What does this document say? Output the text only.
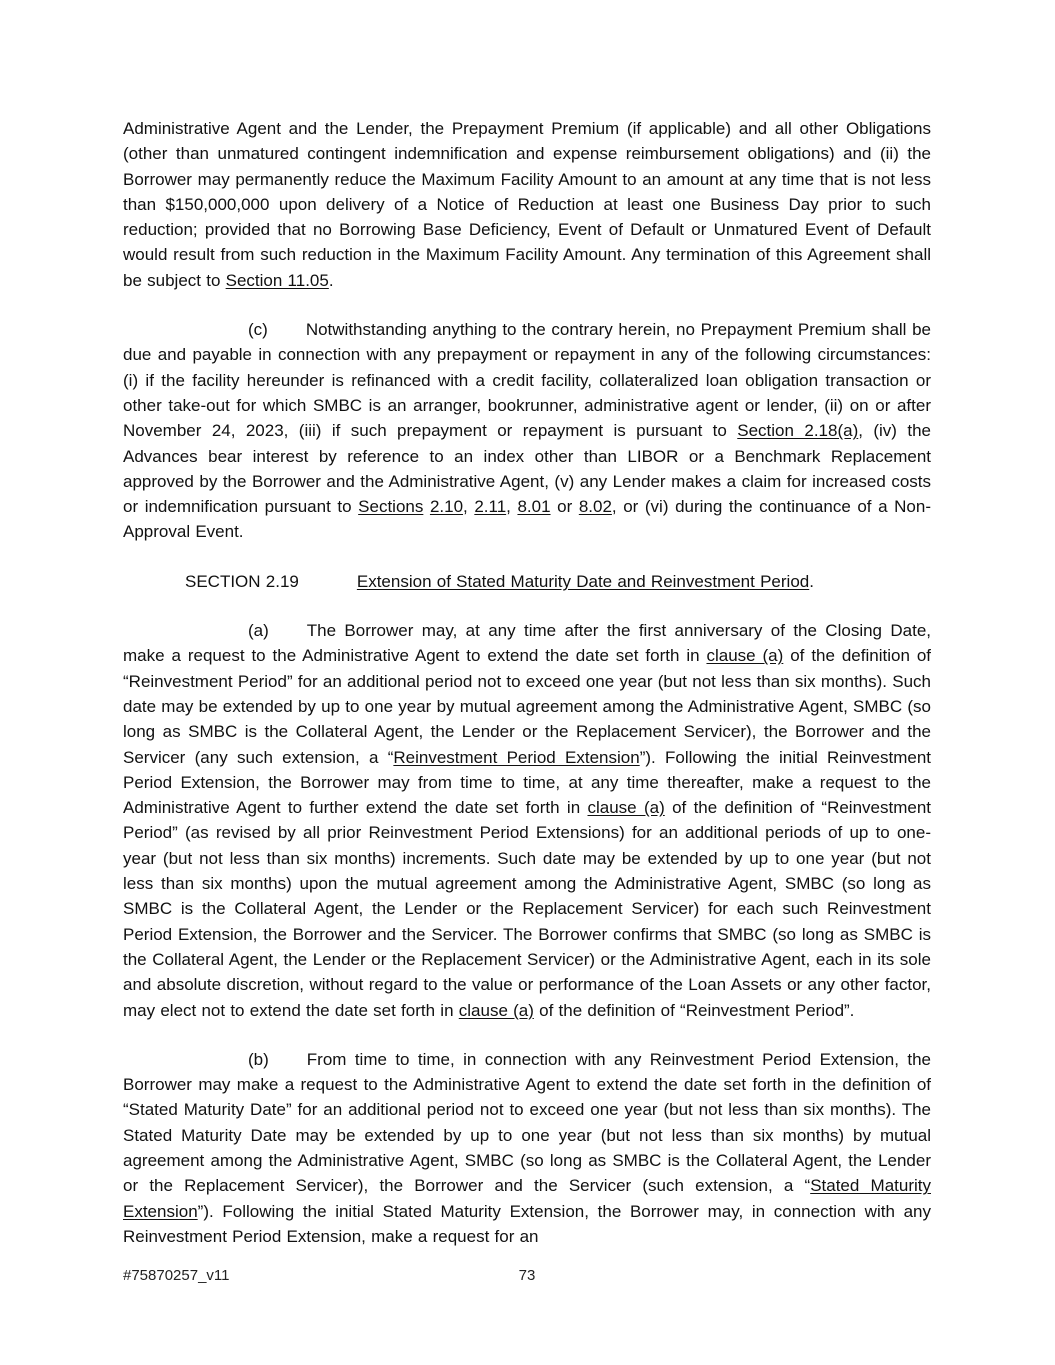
Administrative Agent and the Lender, the Prepayment Premium (if applicable) and all other Obligations (other than unmatured contingent indemnification and expense reimbursement obligations) and (ii) the Borrower may permanently reduce the Maximum Facility Amount to an amount at any time that is not less than $150,000,000 upon delivery of a Notice of Reduction at least one Business Day prior to such reduction; provided that no Borrowing Base Deficiency, Event of Default or Unmatured Event of Default would result from such reduction in the Maximum Facility Amount. Any termination of this Agreement shall be subject to Section 11.05.

(c) Notwithstanding anything to the contrary herein, no Prepayment Premium shall be due and payable in connection with any prepayment or repayment in any of the following circumstances: (i) if the facility hereunder is refinanced with a credit facility, collateralized loan obligation transaction or other take-out for which SMBC is an arranger, bookrunner, administrative agent or lender, (ii) on or after November 24, 2023, (iii) if such prepayment or repayment is pursuant to Section 2.18(a), (iv) the Advances bear interest by reference to an index other than LIBOR or a Benchmark Replacement approved by the Borrower and the Administrative Agent, (v) any Lender makes a claim for increased costs or indemnification pursuant to Sections 2.10, 2.11, 8.01 or 8.02, or (vi) during the continuance of a Non-Approval Event.

SECTION 2.19	Extension of Stated Maturity Date and Reinvestment Period.

(a) The Borrower may, at any time after the first anniversary of the Closing Date, make a request to the Administrative Agent to extend the date set forth in clause (a) of the definition of “Reinvestment Period” for an additional period not to exceed one year (but not less than six months). Such date may be extended by up to one year by mutual agreement among the Administrative Agent, SMBC (so long as SMBC is the Collateral Agent, the Lender or the Replacement Servicer), the Borrower and the Servicer (any such extension, a “Reinvestment Period Extension”). Following the initial Reinvestment Period Extension, the Borrower may from time to time, at any time thereafter, make a request to the Administrative Agent to further extend the date set forth in clause (a) of the definition of “Reinvestment Period” (as revised by all prior Reinvestment Period Extensions) for an additional periods of up to one-year (but not less than six months) increments. Such date may be extended by up to one year (but not less than six months) upon the mutual agreement among the Administrative Agent, SMBC (so long as SMBC is the Collateral Agent, the Lender or the Replacement Servicer) for each such Reinvestment Period Extension, the Borrower and the Servicer. The Borrower confirms that SMBC (so long as SMBC is the Collateral Agent, the Lender or the Replacement Servicer) or the Administrative Agent, each in its sole and absolute discretion, without regard to the value or performance of the Loan Assets or any other factor, may elect not to extend the date set forth in clause (a) of the definition of “Reinvestment Period”.

(b) From time to time, in connection with any Reinvestment Period Extension, the Borrower may make a request to the Administrative Agent to extend the date set forth in the definition of “Stated Maturity Date” for an additional period not to exceed one year (but not less than six months). The Stated Maturity Date may be extended by up to one year (but not less than six months) by mutual agreement among the Administrative Agent, SMBC (so long as SMBC is the Collateral Agent, the Lender or the Replacement Servicer), the Borrower and the Servicer (such extension, a “Stated Maturity Extension”). Following the initial Stated Maturity Extension, the Borrower may, in connection with any Reinvestment Period Extension, make a request for an

#75870257_v11	73
